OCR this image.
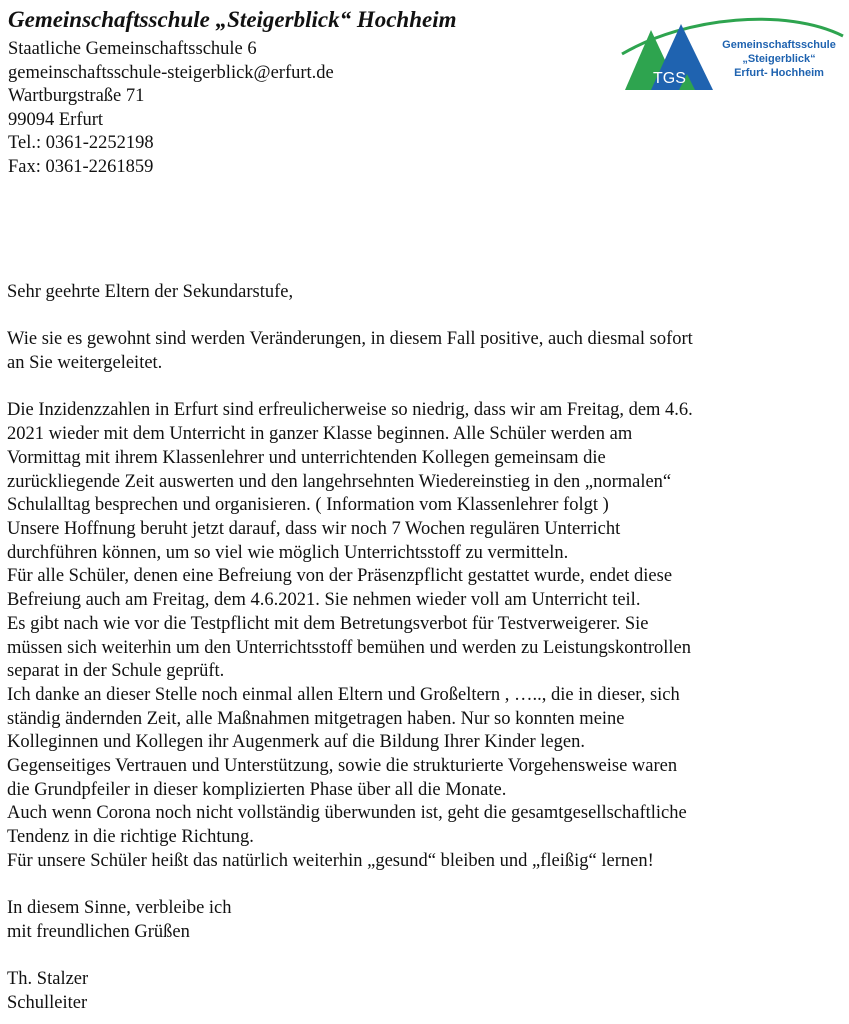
Gemeinschaftsschule „Steigerblick“ Hochheim
Staatliche Gemeinschaftsschule 6
gemeinschaftsschule-steigerblick@erfurt.de
Wartburgstraße 71
99094 Erfurt
Tel.: 0361-2252198
Fax: 0361-2261859
TGS
Gemeinschaftsschule
„Steigerblick“
Erfurt- Hochheim
Sehr geehrte Eltern der Sekundarstufe,
Wie sie es gewohnt sind werden Veränderungen, in diesem Fall positive, auch diesmal sofort
an Sie weitergeleitet.
Die Inzidenzzahlen in Erfurt sind erfreulicherweise so niedrig, dass wir am Freitag, dem 4.6.
2021 wieder mit dem Unterricht in ganzer Klasse beginnen. Alle Schüler werden am
Vormittag mit ihrem Klassenlehrer und unterrichtenden Kollegen gemeinsam die
zurückliegende Zeit auswerten und den langehrsehnten Wiedereinstieg in den „normalen“
Schulalltag besprechen und organisieren. ( Information vom Klassenlehrer folgt )
Unsere Hoffnung beruht jetzt darauf, dass wir noch 7 Wochen regulären Unterricht
durchführen können, um so viel wie möglich Unterrichtsstoff zu vermitteln.
Für alle Schüler, denen eine Befreiung von der Präsenzpflicht gestattet wurde, endet diese
Befreiung auch am Freitag, dem 4.6.2021. Sie nehmen wieder voll am Unterricht teil.
Es gibt nach wie vor die Testpflicht mit dem Betretungsverbot für Testverweigerer. Sie
müssen sich weiterhin um den Unterrichtsstoff bemühen und werden zu Leistungskontrollen
separat in der Schule geprüft.
Ich danke an dieser Stelle noch einmal allen Eltern und Großeltern , ….., die in dieser, sich
ständig ändernden Zeit, alle Maßnahmen mitgetragen haben. Nur so konnten meine
Kolleginnen und Kollegen ihr Augenmerk auf die Bildung Ihrer Kinder legen.
Gegenseitiges Vertrauen und Unterstützung, sowie die strukturierte Vorgehensweise waren
die Grundpfeiler in dieser komplizierten Phase über all die Monate.
Auch wenn Corona noch nicht vollständig überwunden ist, geht die gesamtgesellschaftliche
Tendenz in die richtige Richtung.
Für unsere Schüler heißt das natürlich weiterhin „gesund“ bleiben und „fleißig“ lernen!
In diesem Sinne, verbleibe ich
mit freundlichen Grüßen
Th. Stalzer
Schulleiter
